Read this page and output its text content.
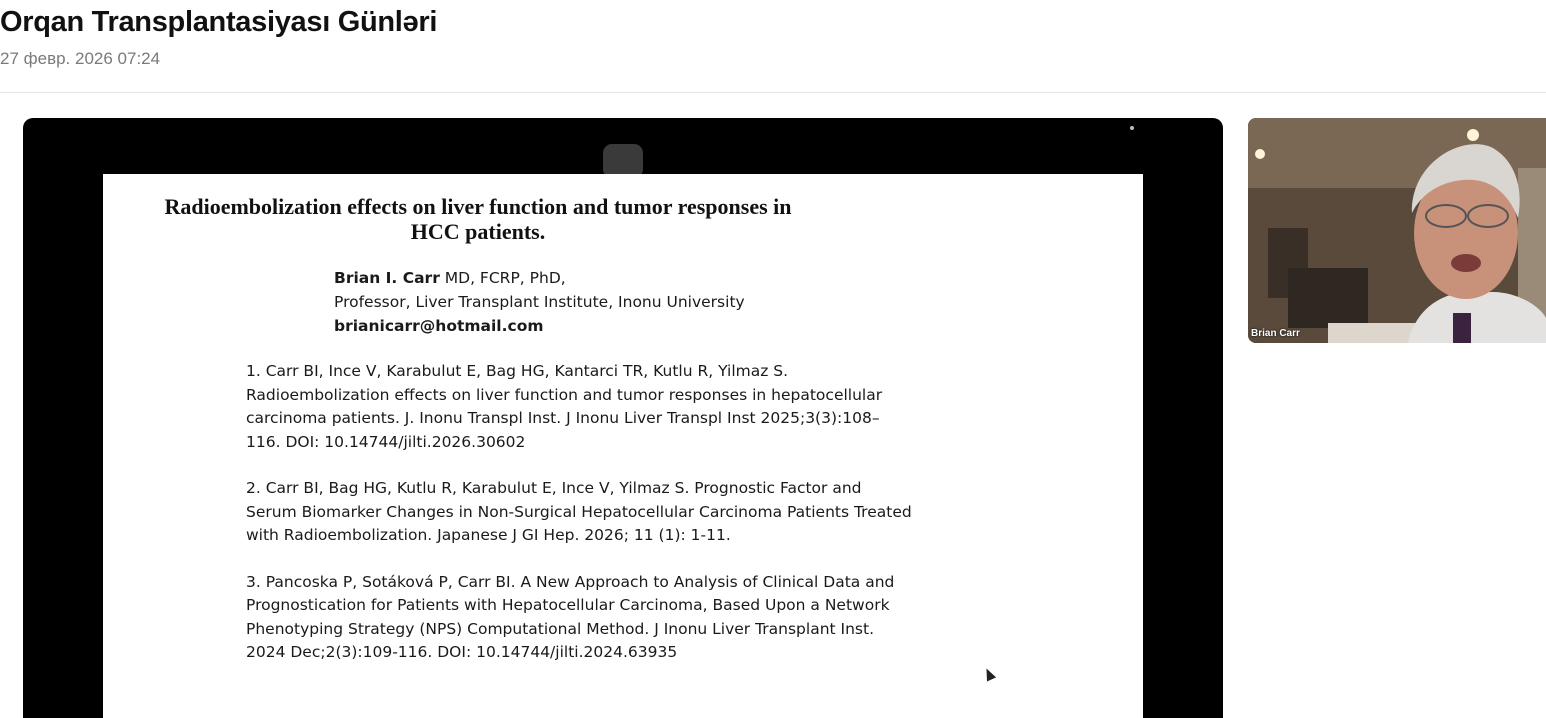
Orqan Transplantasiyası Günləri
27 февр. 2026 07:24
Radioembolization effects on liver function and tumor responses in
HCC patients.
Brian I. Carr MD, FCRP, PhD,
Professor, Liver Transplant Institute, Inonu University
brianicarr@hotmail.com
1. Carr BI, Ince V, Karabulut E, Bag HG, Kantarci TR, Kutlu R, Yilmaz S.
Radioembolization effects on liver function and tumor responses in hepatocellular
carcinoma patients. J. Inonu Transpl Inst. J Inonu Liver Transpl Inst 2025;3(3):108–
116. DOI: 10.14744/jilti.2026.30602
2. Carr BI, Bag HG, Kutlu R, Karabulut E, Ince V, Yilmaz S. Prognostic Factor and
Serum Biomarker Changes in Non-Surgical Hepatocellular Carcinoma Patients Treated
with Radioembolization. Japanese J GI Hep. 2026; 11 (1): 1-11.
3. Pancoska P, Sotáková P, Carr BI. A New Approach to Analysis of Clinical Data and
Prognostication for Patients with Hepatocellular Carcinoma, Based Upon a Network
Phenotyping Strategy (NPS) Computational Method. J Inonu Liver Transplant Inst.
2024 Dec;2(3):109-116. DOI: 10.14744/jilti.2024.63935
Brian Carr
